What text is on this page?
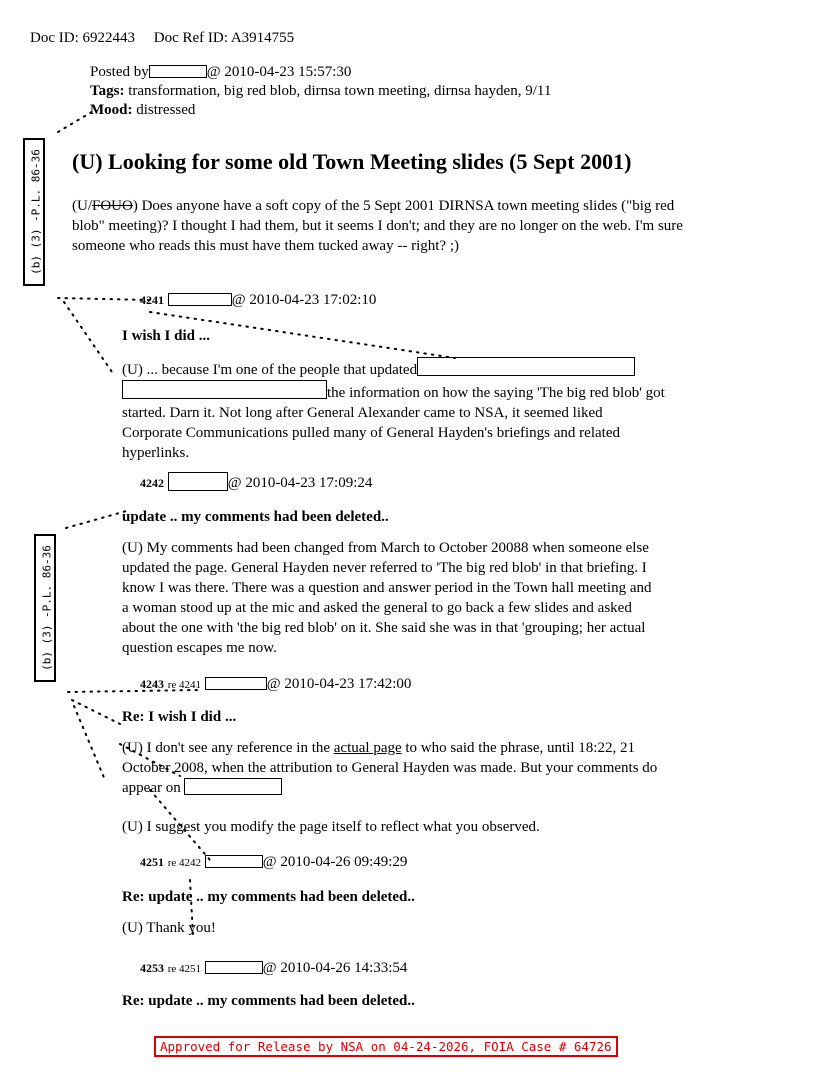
Doc ID: 6922443 Doc Ref ID: A3914755
Posted by	@ 2010-04-23 15:57:30
Tags: transformation, big red blob, dirnsa town meeting, dirnsa hayden, 9/11
Mood: distressed
(b) (3) -P.L. 86-36
(b) (3) -P.L. 86-36
(U) Looking for some old Town Meeting slides (5 Sept 2001)

(U/FOUO) Does anyone have a soft copy of the 5 Sept 2001 DIRNSA town meeting slides ("big red

blob" meeting)? I thought I had them, but it seems I don't; and they are no longer on the web. I'm sure

someone who reads this must have them tucked away -- right? ;)

4241	@ 2010-04-23 17:02:10
I wish I did ...

(U) ... because I'm one of the people that updated

the information on how the saying 'The big red blob' got

started. Darn it. Not long after General Alexander came to NSA, it seemed liked

Corporate Communications pulled many of General Hayden's briefings and related

hyperlinks.

4242	@ 2010-04-23 17:09:24
update .. my comments had been deleted..

(U) My comments had been changed from March to October 20088 when someone else

updated the page. General Hayden never referred to 'The big red blob' in that briefing. I

know I was there. There was a question and answer period in the Town hall meeting and

a woman stood up at the mic and asked the general to go back a few slides and asked

about the one with 'the big red blob' on it. She said she was in that 'grouping; her actual

question escapes me now.

4243 re 4241	@ 2010-04-23 17:42:00
Re: I wish I did ...

(U) I don't see any reference in the actual page to who said the phrase, until 18:22, 21

October 2008, when the attribution to General Hayden was made. But your comments do

appear on

(U) I suggest you modify the page itself to reflect what you observed.

4251 re 4242	@ 2010-04-26 09:49:29
Re: update .. my comments had been deleted..
(U) Thank you!
4253 re 4251	@ 2010-04-26 14:33:54
Re: update .. my comments had been deleted..
Approved for Release by NSA on 04-24-2026, FOIA Case # 64726
